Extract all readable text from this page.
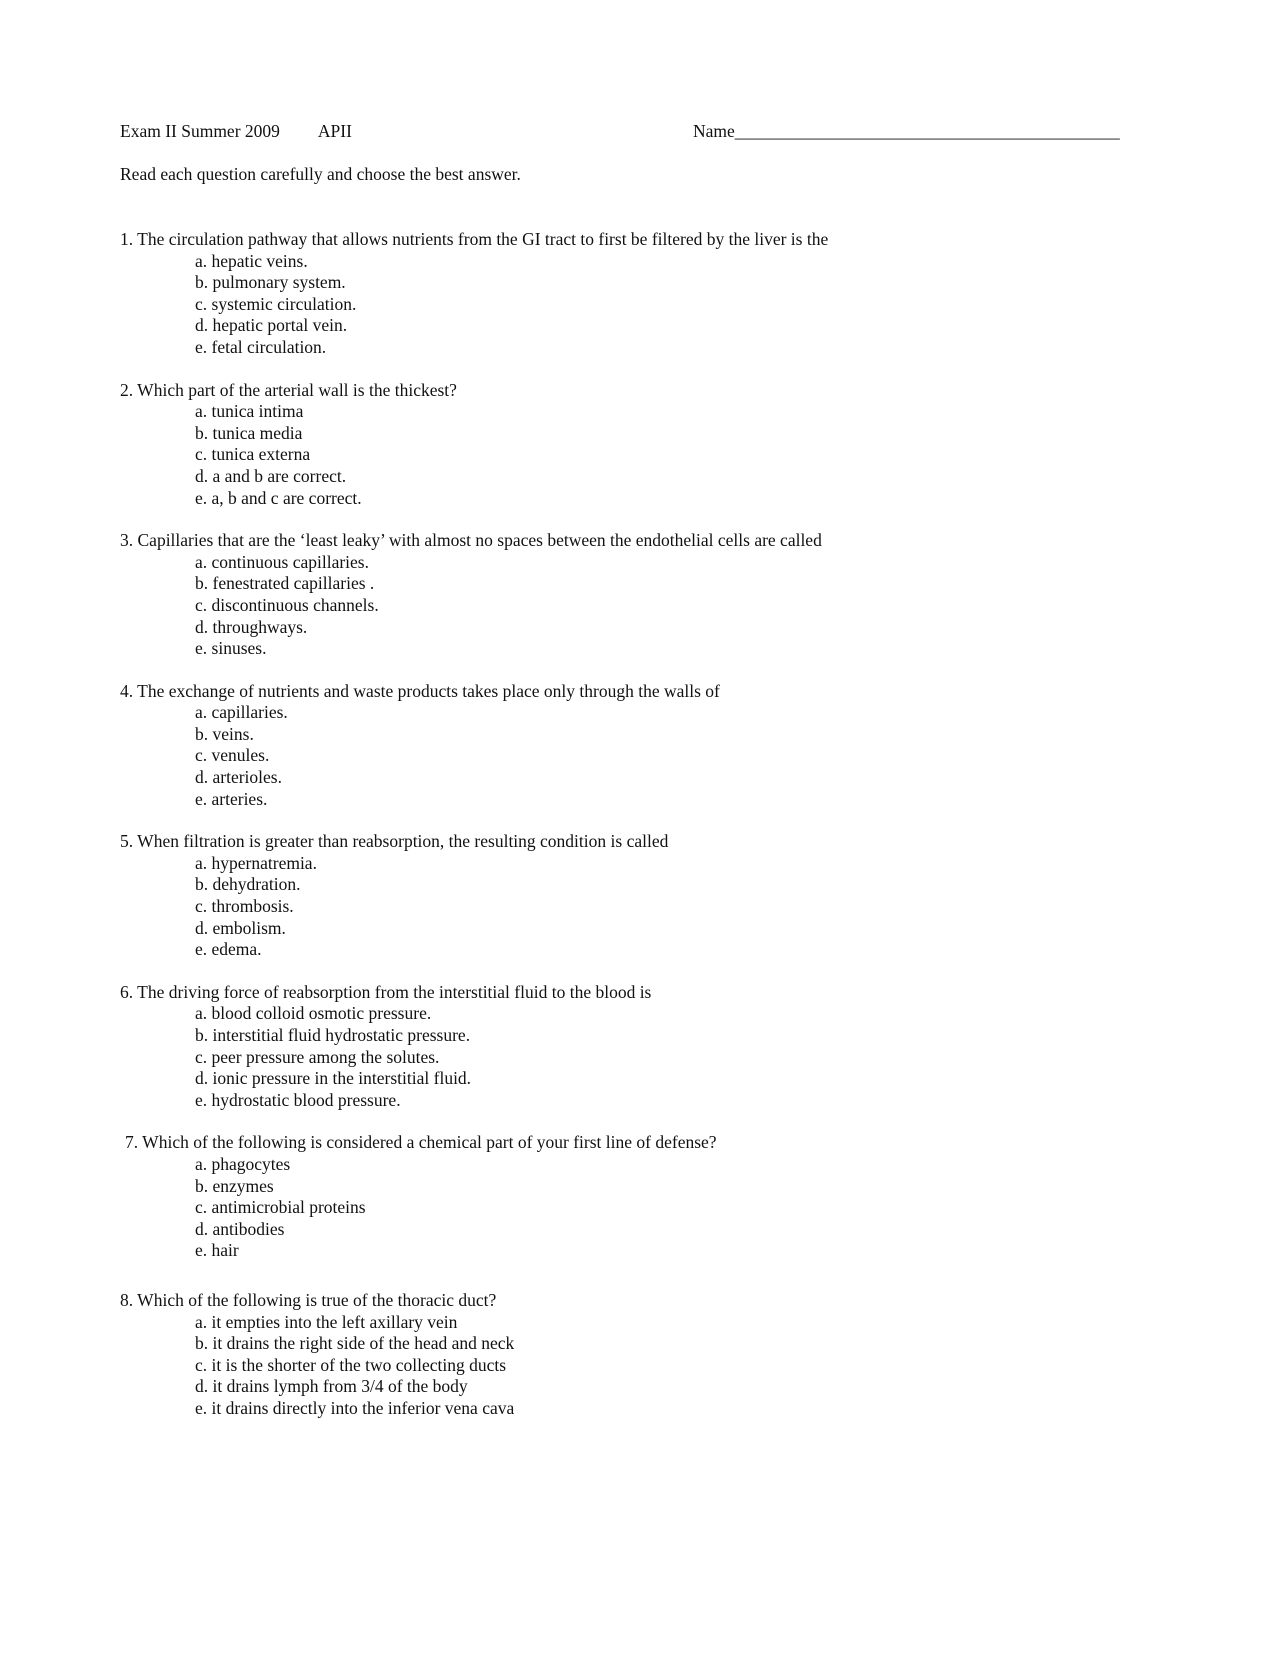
Exam II Summer 2009 APII	Name____________________________________________
Read each question carefully and choose the best answer.
1. The circulation pathway that allows nutrients from the GI tract to first be filtered by the liver is the
a. hepatic veins.
b. pulmonary system.
c. systemic circulation.
d. hepatic portal vein.
e. fetal circulation.
2. Which part of the arterial wall is the thickest?
a. tunica intima
b. tunica media
c. tunica externa
d. a and b are correct.
e. a, b and c are correct.
3. Capillaries that are the ‘least leaky’ with almost no spaces between the endothelial cells are called
a. continuous capillaries.
b. fenestrated capillaries .
c. discontinuous channels.
d. throughways.
e. sinuses.
4. The exchange of nutrients and waste products takes place only through the walls of
a. capillaries.
b. veins.
c. venules.
d. arterioles.
e. arteries.
5. When filtration is greater than reabsorption, the resulting condition is called
a. hypernatremia.
b. dehydration.
c. thrombosis.
d. embolism.
e. edema.
6. The driving force of reabsorption from the interstitial fluid to the blood is
a. blood colloid osmotic pressure.
b. interstitial fluid hydrostatic pressure.
c. peer pressure among the solutes.
d. ionic pressure in the interstitial fluid.
e. hydrostatic blood pressure.
7. Which of the following is considered a chemical part of your first line of defense?
a. phagocytes
b. enzymes
c. antimicrobial proteins
d. antibodies
e. hair
8. Which of the following is true of the thoracic duct?
a. it empties into the left axillary vein
b. it drains the right side of the head and neck
c. it is the shorter of the two collecting ducts
d. it drains lymph from 3/4 of the body
e. it drains directly into the inferior vena cava
